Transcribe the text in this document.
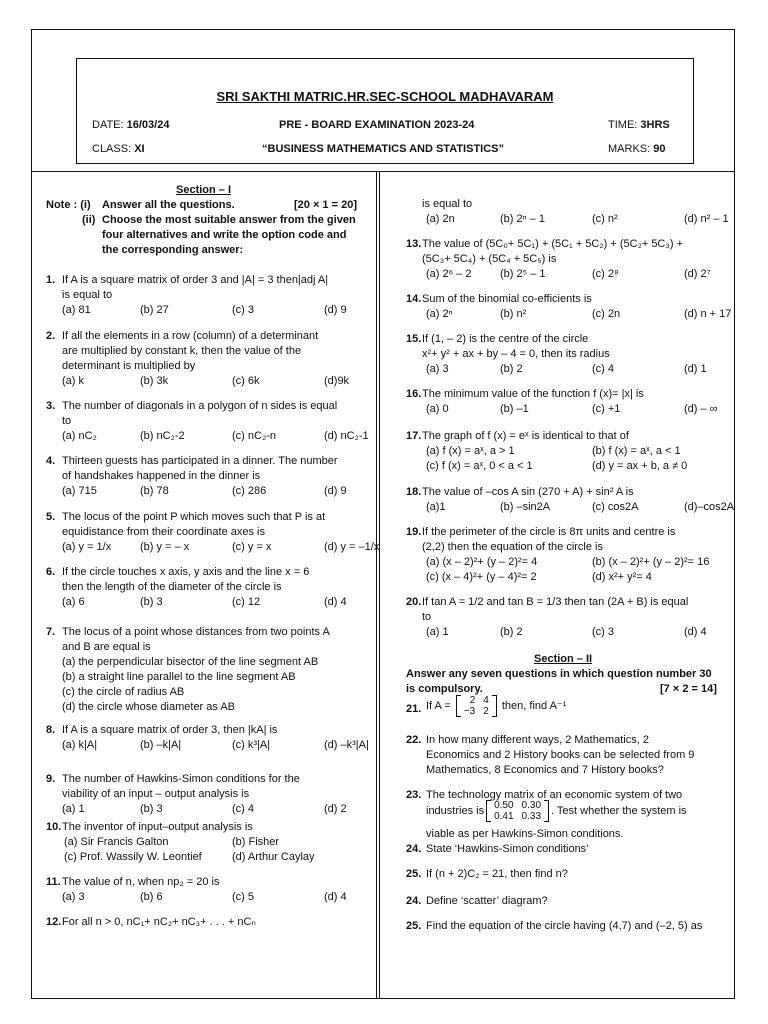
SRI SAKTHI MATRIC.HR.SEC-SCHOOL MADHAVARAM
DATE: 16/03/24	PRE - BOARD EXAMINATION 2023-24	TIME: 3HRS
CLASS: XI	“BUSINESS MATHEMATICS AND STATISTICS”	MARKS: 90
Section – I
Note : (i) Answer all the questions.	[20 × 1 = 20]
(ii) Choose the most suitable answer from the given
four alternatives and write the option code and
the corresponding answer:
1. If A is a square matrix of order 3 and |A| = 3 then|adj A|
is equal to
(a) 81	(b) 27	(c) 3	(d) 9
2. If all the elements in a row (column) of a determinant
are multiplied by constant k, then the value of the
determinant is multiplied by
(a) k	(b) 3k	(c) 6k	(d)9k
3. The number of diagonals in a polygon of n sides is equal
to
(a) nC₂	(b) nC₂-2	(c) nC₂-n	(d) nC₂-1
4. Thirteen guests has participated in a dinner. The number
of handshakes happened in the dinner is
(a) 715	(b) 78	(c) 286	(d) 9
5. The locus of the point P which moves such that P is at
equidistance from their coordinate axes is
(a) y = 1/x	(b) y = – x	(c) y = x	(d) y = –1/x
6. If the circle touches x axis, y axis and the line x = 6
then the length of the diameter of the circle is
(a) 6	(b) 3	(c) 12	(d) 4
7. The locus of a point whose distances from two points A
and B are equal is
(a) the perpendicular bisector of the line segment AB
(b) a straight line parallel to the line segment AB
(c) the circle of radius AB
(d) the circle whose diameter as AB
8. If A is a square matrix of order 3, then |kA| is
(a) k|A|	(b) –k|A|	(c) k³|A|	(d) –k³|A|
9. The number of Hawkins-Simon conditions for the
viability of an input – output analysis is
(a) 1	(b) 3	(c) 4	(d) 2
10. The inventor of input–output analysis is
(a) Sir Francis Galton	(b) Fisher
(c) Prof. Wassily W. Leontief	(d) Arthur Caylay
11. The value of n, when np₂ = 20 is
(a) 3	(b) 6	(c) 5	(d) 4
12. For all n > 0, nC₁+ nC₂+ nC₃+ . . . + nCₙ
is equal to
(a) 2n	(b) 2ⁿ – 1	(c) n²	(d) n² – 1
13. The value of (5C₀+ 5C₁) + (5C₁ + 5C₂) + (5C₂+ 5C₃) +
(5C₃+ 5C₄) + (5C₄ + 5C₅) is
(a) 2⁶ – 2	(b) 2⁵ – 1	(c) 2⁸	(d) 2⁷
14. Sum of the binomial co-efficients is
(a) 2ⁿ	(b) n²	(c) 2n	(d) n + 17
15. If (1, – 2) is the centre of the circle
x²+ y² + ax + by – 4 = 0, then its radius
(a) 3	(b) 2	(c) 4	(d) 1
16. The minimum value of the function f (x)= |x| is
(a) 0	(b) –1	(c) +1	(d) – ∞
17. The graph of f (x) = eˣ is identical to that of
(a) f (x) = aˣ, a > 1	(b) f (x) = aˣ, a < 1
(c) f (x) = aˣ, 0 < a < 1	(d) y = ax + b, a ≠ 0
18. The value of –cos A sin (270 + A) + sin² A is
(a)1	(b) –sin2A	(c) cos2A	(d)–cos2A
19. If the perimeter of the circle is 8π units and centre is
(2,2) then the equation of the circle is
(a) (x – 2)²+ (y – 2)²= 4	(b) (x – 2)²+ (y – 2)²= 16
(c) (x – 4)²+ (y – 4)²= 2	(d) x²+ y²= 4
20. If tan A = 1/2 and tan B = 1/3 then tan (2A + B) is equal
to
(a) 1	(b) 2	(c) 3	(d) 4
Section – II
Answer any seven questions in which question number 30
is compulsory.	[7 × 2 = 14]
21. If A = 2	4
−3	2 then, find A⁻¹
22. In how many different ways, 2 Mathematics, 2
Economics and 2 History books can be selected from 9
Mathematics, 8 Economics and 7 History books?
23. The technology matrix of an economic system of two
industries is 0.50	0.30
0.41	0.33 . Test whether the system is
viable as per Hawkins-Simon conditions.
24. State ‘Hawkins-Simon conditions’
25. If (n + 2)C₂ = 21, then find n?
24. Define ‘scatter’ diagram?
25. Find the equation of the circle having (4,7) and (–2, 5) as
